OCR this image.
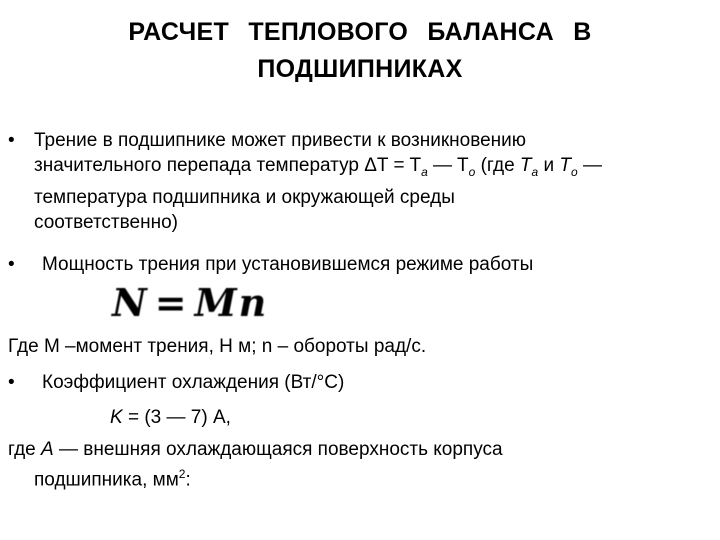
РАСЧЕТ ТЕПЛОВОГО БАЛАНСА В
ПОДШИПНИКАХ
• Трение в подшипнике может привести к возникновению
значительного перепада температур $\Delta T = T_a$ — $T_o$ (где $T_a$ и $T_o$ —
температура подшипника и окружающей среды
соответственно)
• Мощность трения при установившемся режиме работы
N = Mn
Где М –момент трения, Н м; n – обороты рад/с.
• Коэффициент охлаждения (Вт/°С)
K = (3 — 7) А,
где А — внешняя охлаждающаяся поверхность корпуса
подшипника, $мм^2$:
